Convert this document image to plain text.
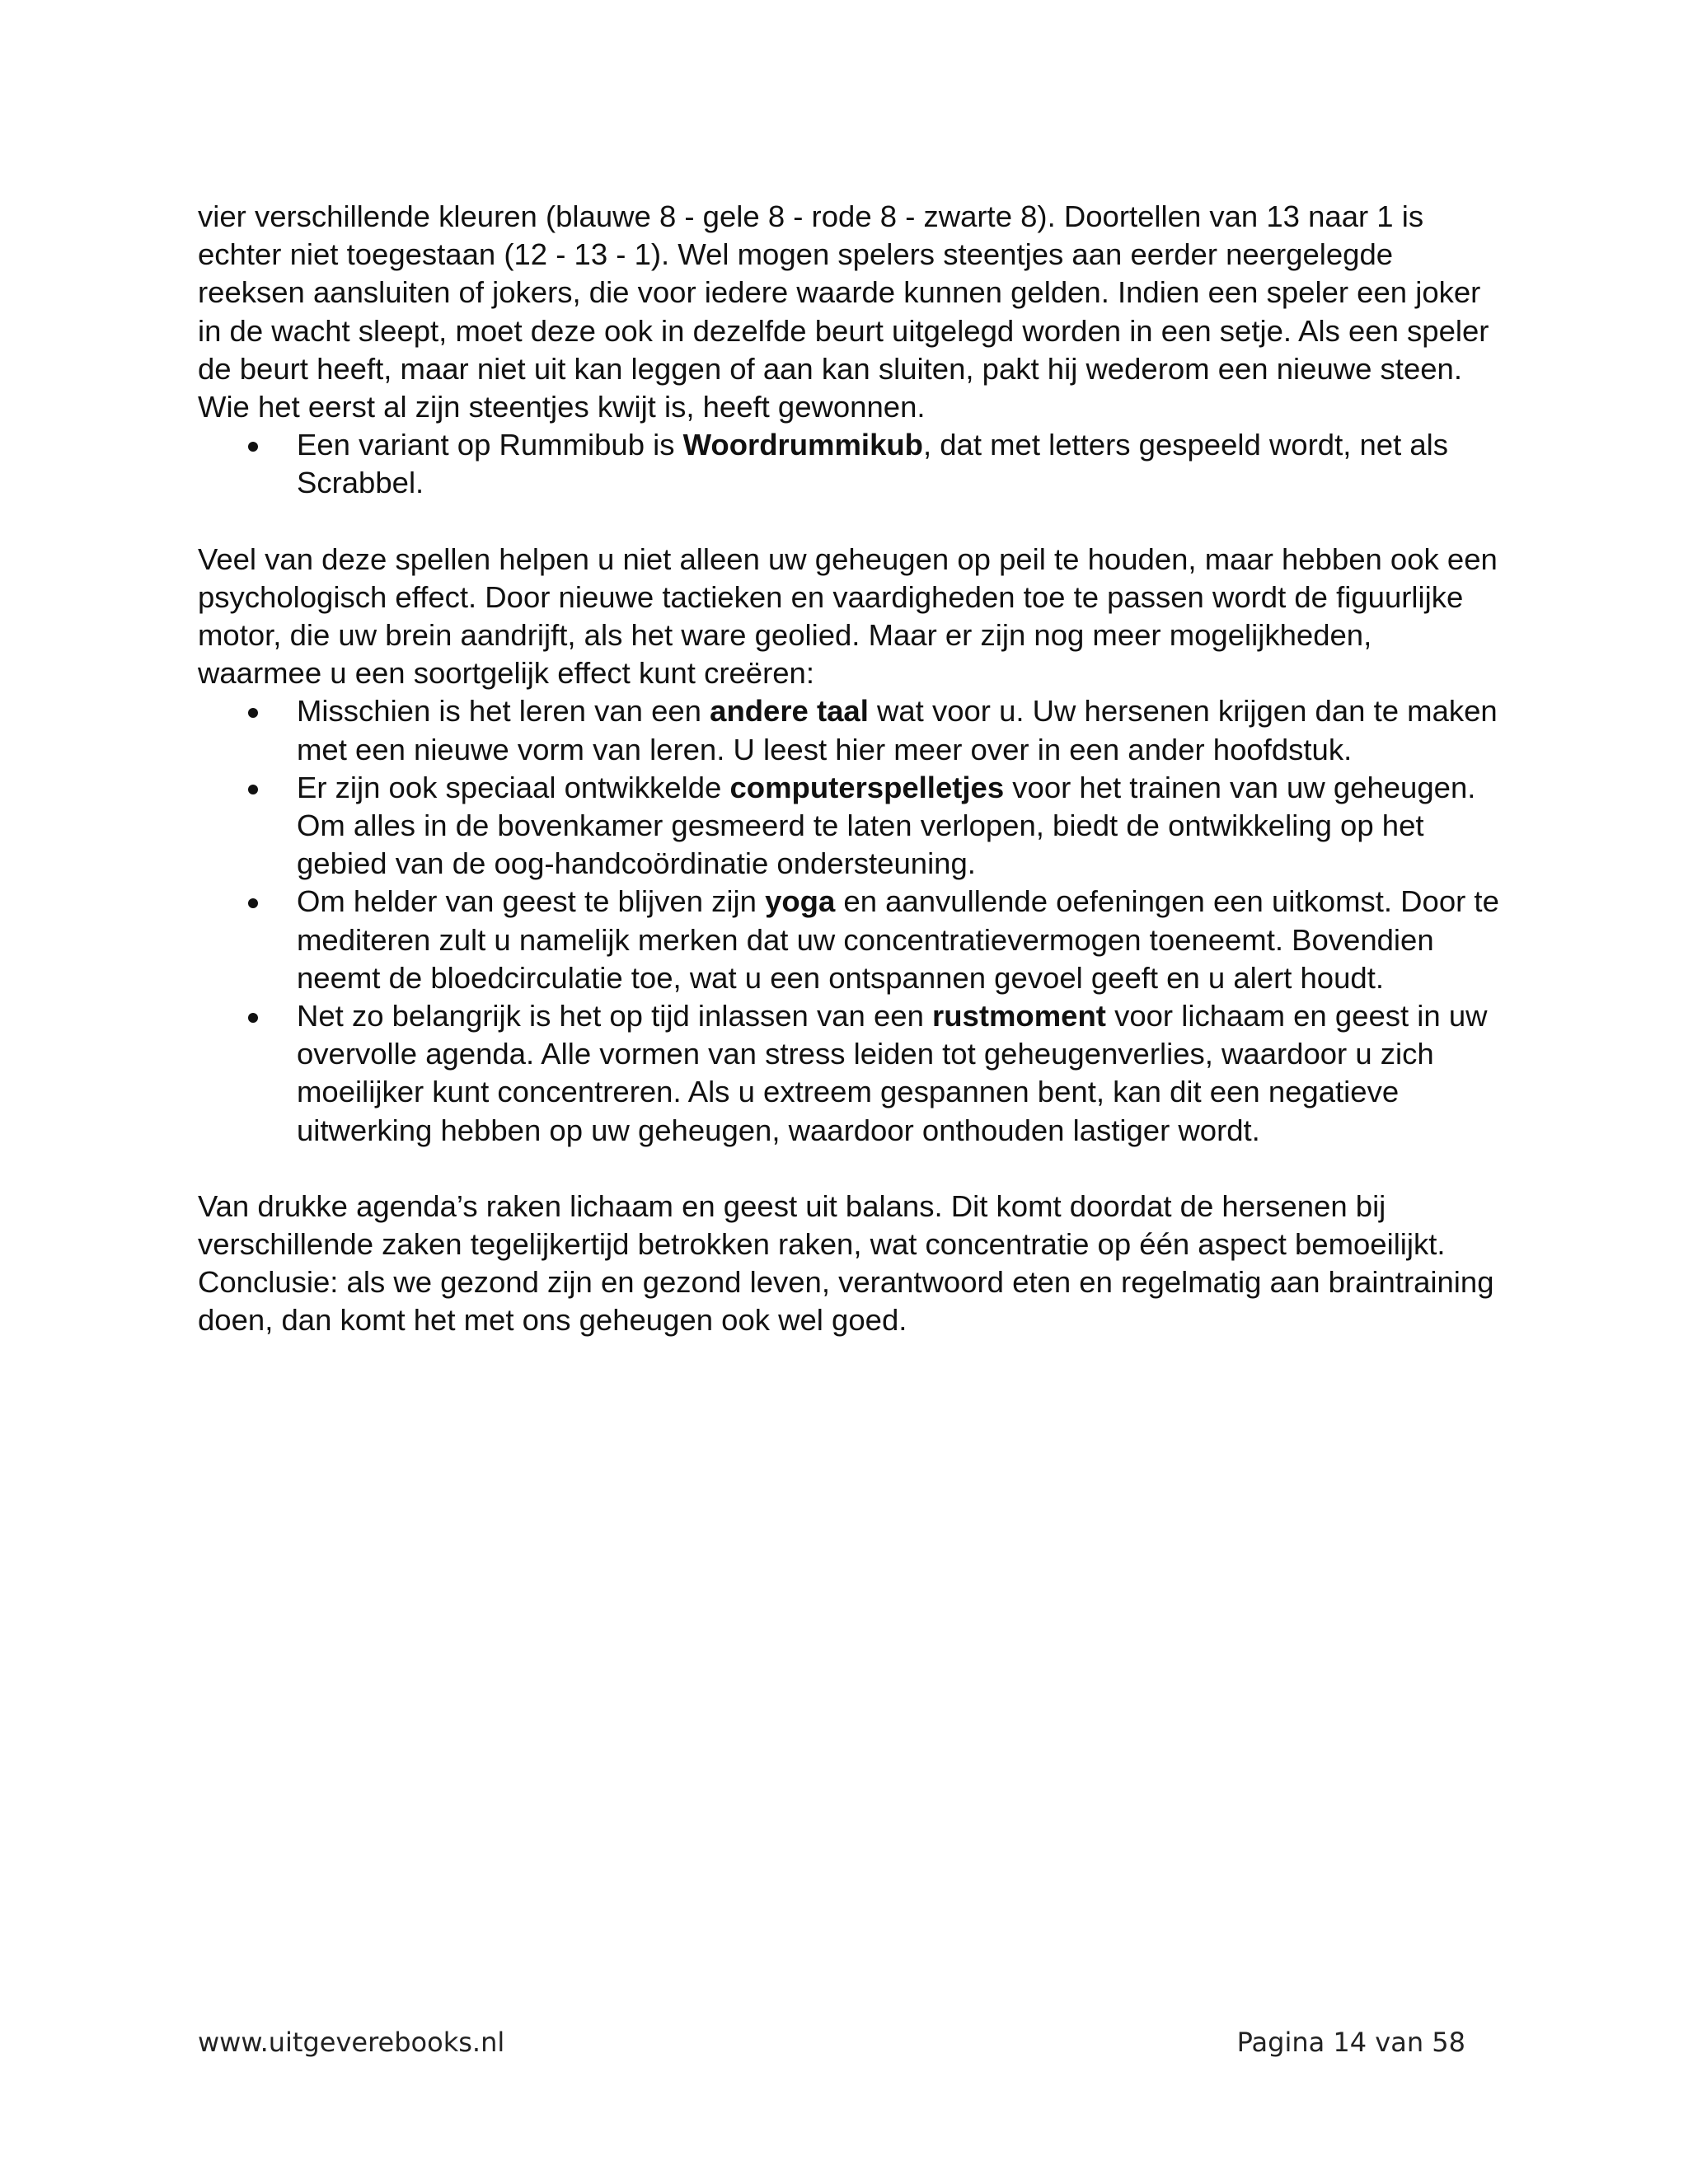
vier verschillende kleuren (blauwe 8 - gele 8 - rode 8 - zwarte 8). Doortellen van 13 naar 1 is echter niet toegestaan (12 - 13 - 1). Wel mogen spelers steentjes aan eerder neergelegde reeksen aansluiten of jokers, die voor iedere waarde kunnen gelden. Indien een speler een joker in de wacht sleept, moet deze ook in dezelfde beurt uitgelegd worden in een setje. Als een speler de beurt heeft, maar niet uit kan leggen of aan kan sluiten, pakt hij wederom een nieuwe steen. Wie het eerst al zijn steentjes kwijt is, heeft gewonnen.

Een variant op Rummibub is Woordrummikub, dat met letters gespeeld wordt, net als Scrabbel.

Veel van deze spellen helpen u niet alleen uw geheugen op peil te houden, maar hebben ook een psychologisch effect. Door nieuwe tactieken en vaardigheden toe te passen wordt de figuurlijke motor, die uw brein aandrijft, als het ware geolied. Maar er zijn nog meer mogelijkheden, waarmee u een soortgelijk effect kunt creëren:

Misschien is het leren van een andere taal wat voor u. Uw hersenen krijgen dan te maken met een nieuwe vorm van leren. U leest hier meer over in een ander hoofdstuk.
Er zijn ook speciaal ontwikkelde computerspelletjes voor het trainen van uw geheugen. Om alles in de bovenkamer gesmeerd te laten verlopen, biedt de ontwikkeling op het gebied van de oog-handcoördinatie ondersteuning.
Om helder van geest te blijven zijn yoga en aanvullende oefeningen een uitkomst. Door te mediteren zult u namelijk merken dat uw concentratievermogen toeneemt. Bovendien neemt de bloedcirculatie toe, wat u een ontspannen gevoel geeft en u alert houdt.
Net zo belangrijk is het op tijd inlassen van een rustmoment voor lichaam en geest in uw overvolle agenda. Alle vormen van stress leiden tot geheugenverlies, waardoor u zich moeilijker kunt concentreren. Als u extreem gespannen bent, kan dit een negatieve uitwerking hebben op uw geheugen, waardoor onthouden lastiger wordt.

Van drukke agenda’s raken lichaam en geest uit balans. Dit komt doordat de hersenen bij verschillende zaken tegelijkertijd betrokken raken, wat concentratie op één aspect bemoeilijkt. Conclusie: als we gezond zijn en gezond leven, verantwoord eten en regelmatig aan braintraining doen, dan komt het met ons geheugen ook wel goed.

www.uitgeverebooks.nl	Pagina 14 van 58
